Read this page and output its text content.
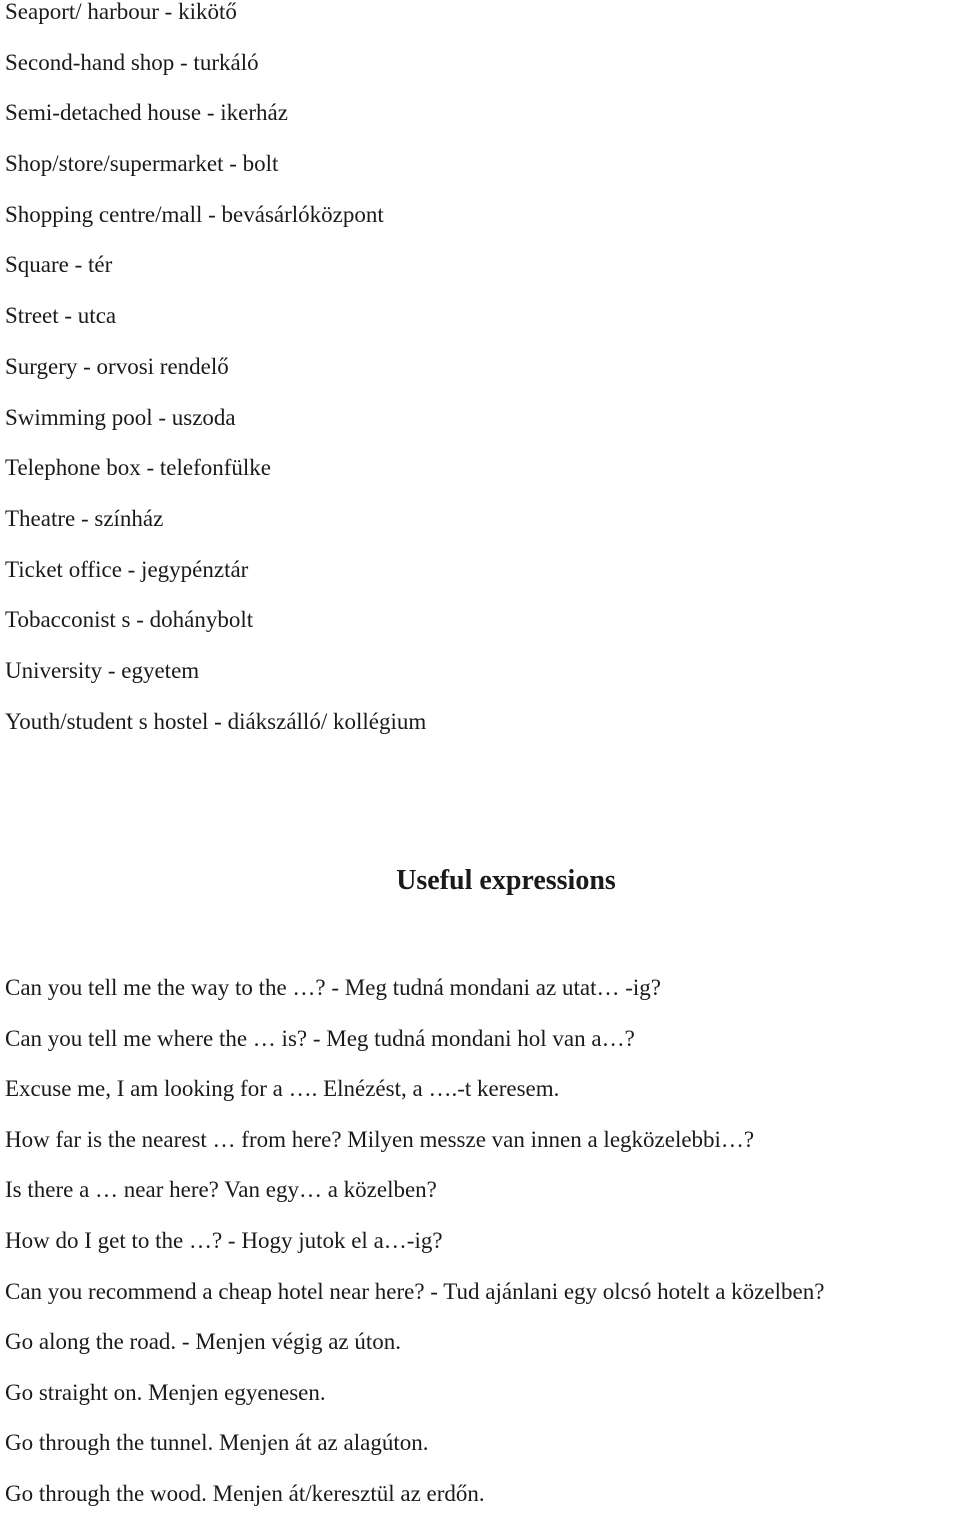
Seaport/ harbour - kikötő
Second-hand shop - turkáló
Semi-detached house - ikerház
Shop/store/supermarket - bolt
Shopping centre/mall - bevásárlóközpont
Square - tér
Street - utca
Surgery - orvosi rendelő
Swimming pool - uszoda
Telephone box - telefonfülke
Theatre - színház
Ticket office - jegypénztár
Tobacconist s - dohánybolt
University - egyetem
Youth/student s hostel - diákszálló/ kollégium
Useful expressions
Can you tell me the way to the …? - Meg tudná mondani az utat… -ig?
Can you tell me where the … is? - Meg tudná mondani hol van a…?
Excuse me, I am looking for a …. Elnézést, a ….-t keresem.
How far is the nearest … from here? Milyen messze van innen a legközelebbi…?
Is there a … near here? Van egy… a közelben?
How do I get to the …? - Hogy jutok el a…-ig?
Can you recommend a cheap hotel near here? - Tud ajánlani egy olcsó hotelt a közelben?
Go along the road. - Menjen végig az úton.
Go straight on. Menjen egyenesen.
Go through the tunnel. Menjen át az alagúton.
Go through the wood. Menjen át/keresztül az erdőn.
